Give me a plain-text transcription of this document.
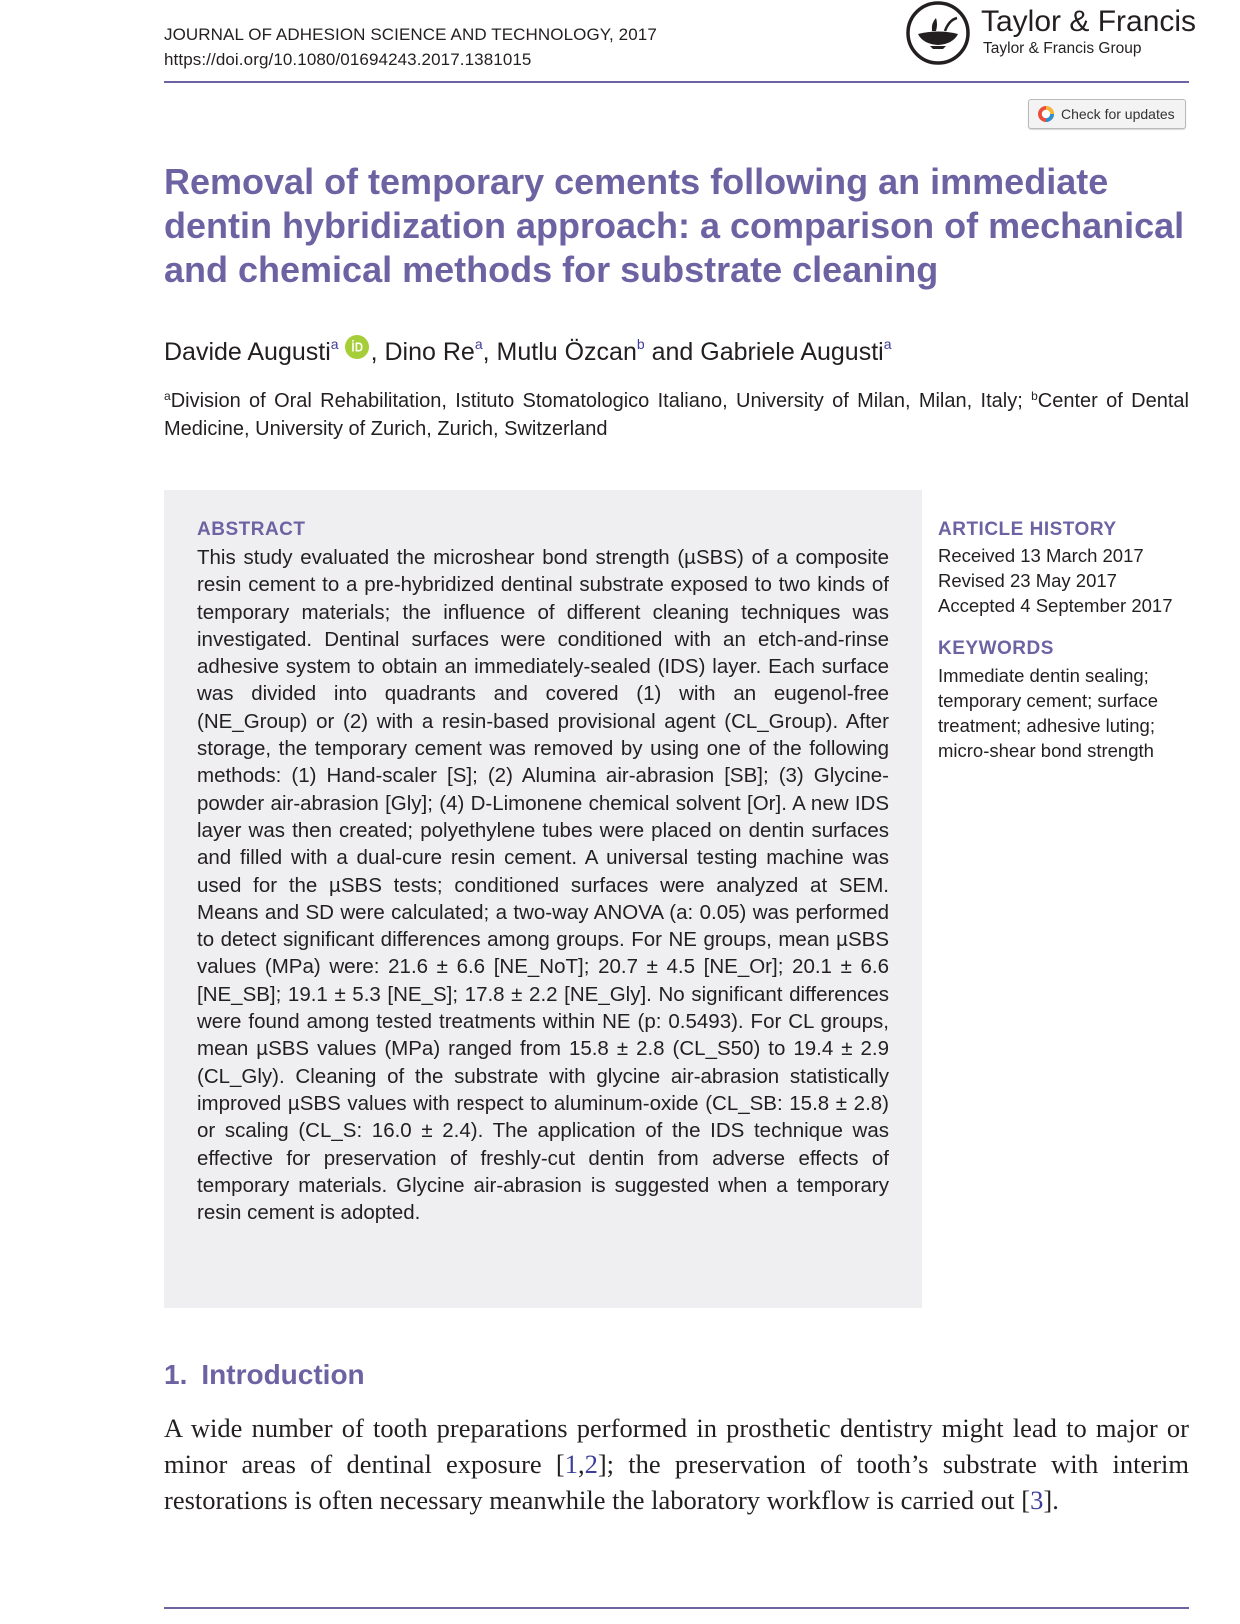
JOURNAL OF ADHESION SCIENCE AND TECHNOLOGY, 2017
https://doi.org/10.1080/01694243.2017.1381015
Taylor & Francis
Taylor & Francis Group
Check for updates
Removal of temporary cements following an immediate dentin hybridization approach: a comparison of mechanical and chemical methods for substrate cleaning
Davide Augusti$^a$ , Dino Re$^a$, Mutlu Özcan$^b$ and Gabriele Augusti$^a$
$^a$Division of Oral Rehabilitation, Istituto Stomatologico Italiano, University of Milan, Milan, Italy; $^b$Center of Dental Medicine, University of Zurich, Zurich, Switzerland
ABSTRACT

This study evaluated the microshear bond strength (µSBS) of a composite resin cement to a pre-hybridized dentinal substrate exposed to two kinds of temporary materials; the influence of different cleaning techniques was investigated. Dentinal surfaces were conditioned with an etch-and-rinse adhesive system to obtain an immediately-sealed (IDS) layer. Each surface was divided into quadrants and covered (1) with an eugenol-free (NE_Group) or (2) with a resin-based provisional agent (CL_Group). After storage, the temporary cement was removed by using one of the following methods: (1) Hand-scaler [S]; (2) Alumina air-abrasion [SB]; (3) Glycine-powder air-abrasion [Gly]; (4) D-Limonene chemical solvent [Or]. A new IDS layer was then created; polyethylene tubes were placed on dentin surfaces and filled with a dual-cure resin cement. A universal testing machine was used for the µSBS tests; conditioned surfaces were analyzed at SEM. Means and SD were calculated; a two-way ANOVA (a: 0.05) was performed to detect significant differences among groups. For NE groups, mean µSBS values (MPa) were: 21.6 ± 6.6 [NE_NoT]; 20.7 ± 4.5 [NE_Or]; 20.1 ± 6.6 [NE_SB]; 19.1 ± 5.3 [NE_S]; 17.8 ± 2.2 [NE_Gly]. No significant differences were found among tested treatments within NE (p: 0.5493). For CL groups, mean µSBS values (MPa) ranged from 15.8 ± 2.8 (CL_S50) to 19.4 ± 2.9 (CL_Gly). Cleaning of the substrate with glycine air-abrasion statistically improved µSBS values with respect to aluminum-oxide (CL_SB: 15.8 ± 2.8) or scaling (CL_S: 16.0 ± 2.4). The application of the IDS technique was effective for preservation of freshly-cut dentin from adverse effects of temporary materials. Glycine air-abrasion is suggested when a temporary resin cement is adopted.

ARTICLE HISTORY
Received 13 March 2017
Revised 23 May 2017
Accepted 4 September 2017
KEYWORDS
Immediate dentin sealing; temporary cement; surface treatment; adhesive luting; micro-shear bond strength
1. Introduction

A wide number of tooth preparations performed in prosthetic dentistry might lead to major or minor areas of dentinal exposure [1,2]; the preservation of tooth’s substrate with interim restorations is often necessary meanwhile the laboratory workflow is carried out [3].
